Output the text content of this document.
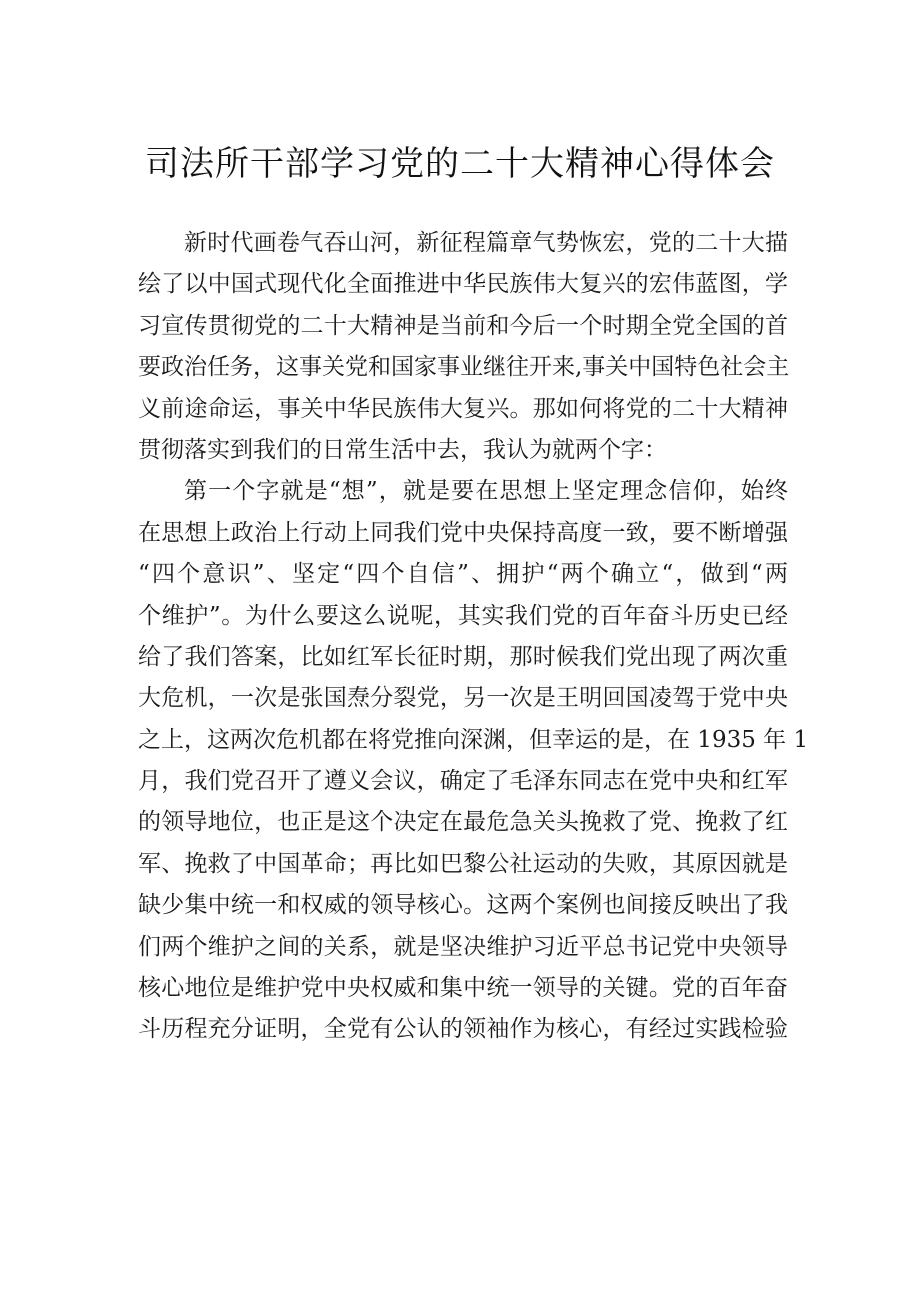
司法所干部学习党的二十大精神心得体会
新时代画卷气吞山河，新征程篇章气势恢宏，党的二十大描
绘了以中国式现代化全面推进中华民族伟大复兴的宏伟蓝图，学
习宣传贯彻党的二十大精神是当前和今后一个时期全党全国的首
要政治任务，这事关党和国家事业继往开来,事关中国特色社会主
义前途命运，事关中华民族伟大复兴。那如何将党的二十大精神
贯彻落实到我们的日常生活中去，我认为就两个字：
第一个字就是“想”，就是要在思想上坚定理念信仰，始终
在思想上政治上行动上同我们党中央保持高度一致，要不断增强
“四个意识”、坚定“四个自信”、拥护“两个确立“，做到“两
个维护”。为什么要这么说呢，其实我们党的百年奋斗历史已经
给了我们答案，比如红军长征时期，那时候我们党出现了两次重
大危机，一次是张国焘分裂党，另一次是王明回国凌驾于党中央
之上，这两次危机都在将党推向深渊，但幸运的是，在 1935 年 1
月，我们党召开了遵义会议，确定了毛泽东同志在党中央和红军
的领导地位，也正是这个决定在最危急关头挽救了党、挽救了红
军、挽救了中国革命；再比如巴黎公社运动的失败，其原因就是
缺少集中统一和权威的领导核心。这两个案例也间接反映出了我
们两个维护之间的关系，就是坚决维护习近平总书记党中央领导
核心地位是维护党中央权威和集中统一领导的关键。党的百年奋
斗历程充分证明，全党有公认的领袖作为核心，有经过实践检验
